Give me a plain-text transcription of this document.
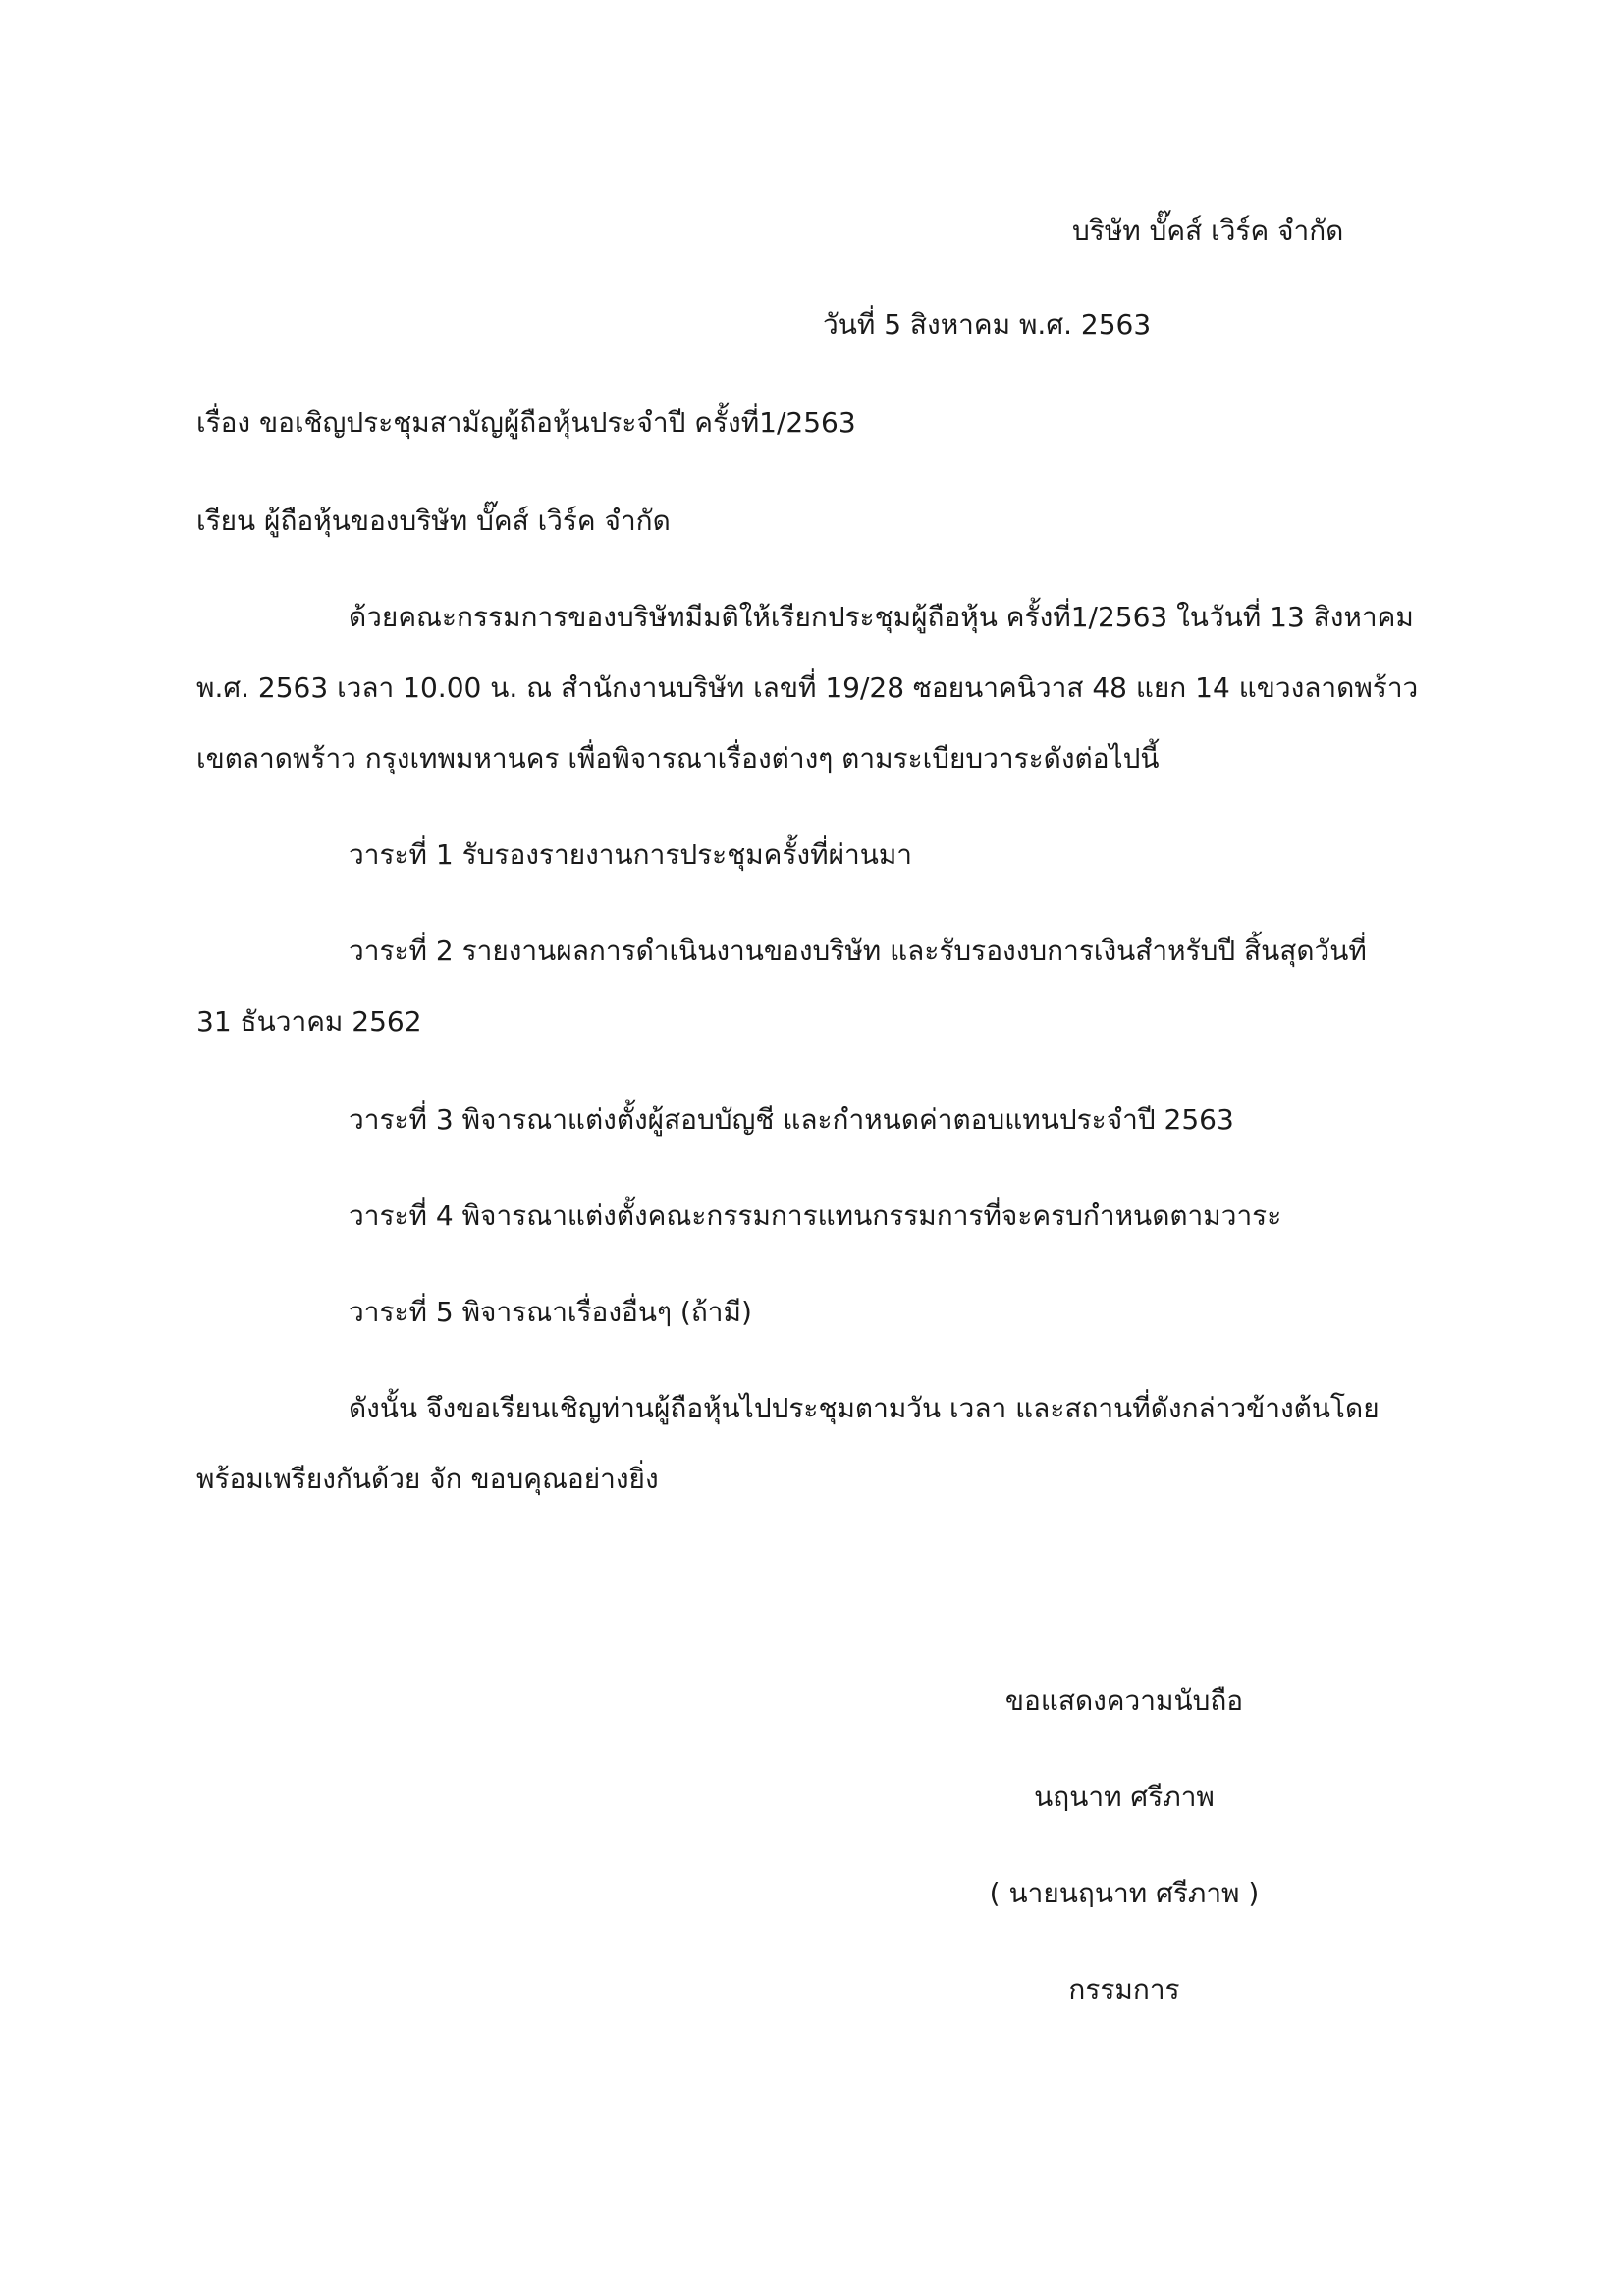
บริษัท บั๊คส์ เวิร์ค จำกัด

วันที่ 5 สิงหาคม พ.ศ. 2563

เรื่อง ขอเชิญประชุมสามัญผู้ถือหุ้นประจำปี ครั้งที่1/2563

เรียน ผู้ถือหุ้นของบริษัท บั๊คส์ เวิร์ค จำกัด

ด้วยคณะกรรมการของบริษัทมีมติให้เรียกประชุมผู้ถือหุ้น ครั้งที่1/2563 ในวันที่ 13 สิงหาคม

พ.ศ. 2563 เวลา 10.00 น. ณ สำนักงานบริษัท เลขที่ 19/28 ซอยนาคนิวาส 48 แยก 14 แขวงลาดพร้าว

เขตลาดพร้าว กรุงเทพมหานคร เพื่อพิจารณาเรื่องต่างๆ ตามระเบียบวาระดังต่อไปนี้

วาระที่ 1 รับรองรายงานการประชุมครั้งที่ผ่านมา

วาระที่ 2 รายงานผลการดำเนินงานของบริษัท และรับรองงบการเงินสำหรับปี สิ้นสุดวันที่

31 ธันวาคม 2562

วาระที่ 3 พิจารณาแต่งตั้งผู้สอบบัญชี และกำหนดค่าตอบแทนประจำปี 2563

วาระที่ 4 พิจารณาแต่งตั้งคณะกรรมการแทนกรรมการที่จะครบกำหนดตามวาระ

วาระที่ 5 พิจารณาเรื่องอื่นๆ (ถ้ามี)

ดังนั้น จึงขอเรียนเชิญท่านผู้ถือหุ้นไปประชุมตามวัน เวลา และสถานที่ดังกล่าวข้างต้นโดย

พร้อมเพรียงกันด้วย จัก ขอบคุณอย่างยิ่ง

ขอแสดงความนับถือ

นฤนาท ศรีภาพ

( นายนฤนาท ศรีภาพ )

กรรมการ
